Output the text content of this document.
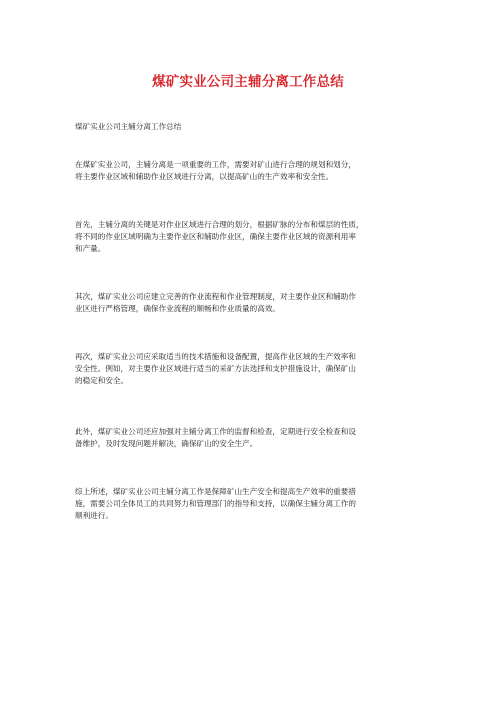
煤矿实业公司主辅分离工作总结
煤矿实业公司主辅分离工作总结
在煤矿实业公司，主辅分离是一项重要的工作，需要对矿山进行合理的规划和划分，
将主要作业区域和辅助作业区域进行分离，以提高矿山的生产效率和安全性。
首先，主辅分离的关键是对作业区域进行合理的划分，根据矿脉的分布和煤层的性质，
将不同的作业区域明确为主要作业区和辅助作业区，确保主要作业区域的资源利用率
和产量。
其次，煤矿实业公司应建立完善的作业流程和作业管理制度，对主要作业区和辅助作
业区进行严格管理，确保作业流程的顺畅和作业质量的高效。
再次，煤矿实业公司应采取适当的技术措施和设备配置，提高作业区域的生产效率和
安全性。例如，对主要作业区域进行适当的采矿方法选择和支护措施设计，确保矿山
的稳定和安全。
此外，煤矿实业公司还应加强对主辅分离工作的监督和检查，定期进行安全检查和设
备维护，及时发现问题并解决，确保矿山的安全生产。
综上所述，煤矿实业公司主辅分离工作是保障矿山生产安全和提高生产效率的重要措
施，需要公司全体员工的共同努力和管理部门的指导和支持，以确保主辅分离工作的
顺利进行。
